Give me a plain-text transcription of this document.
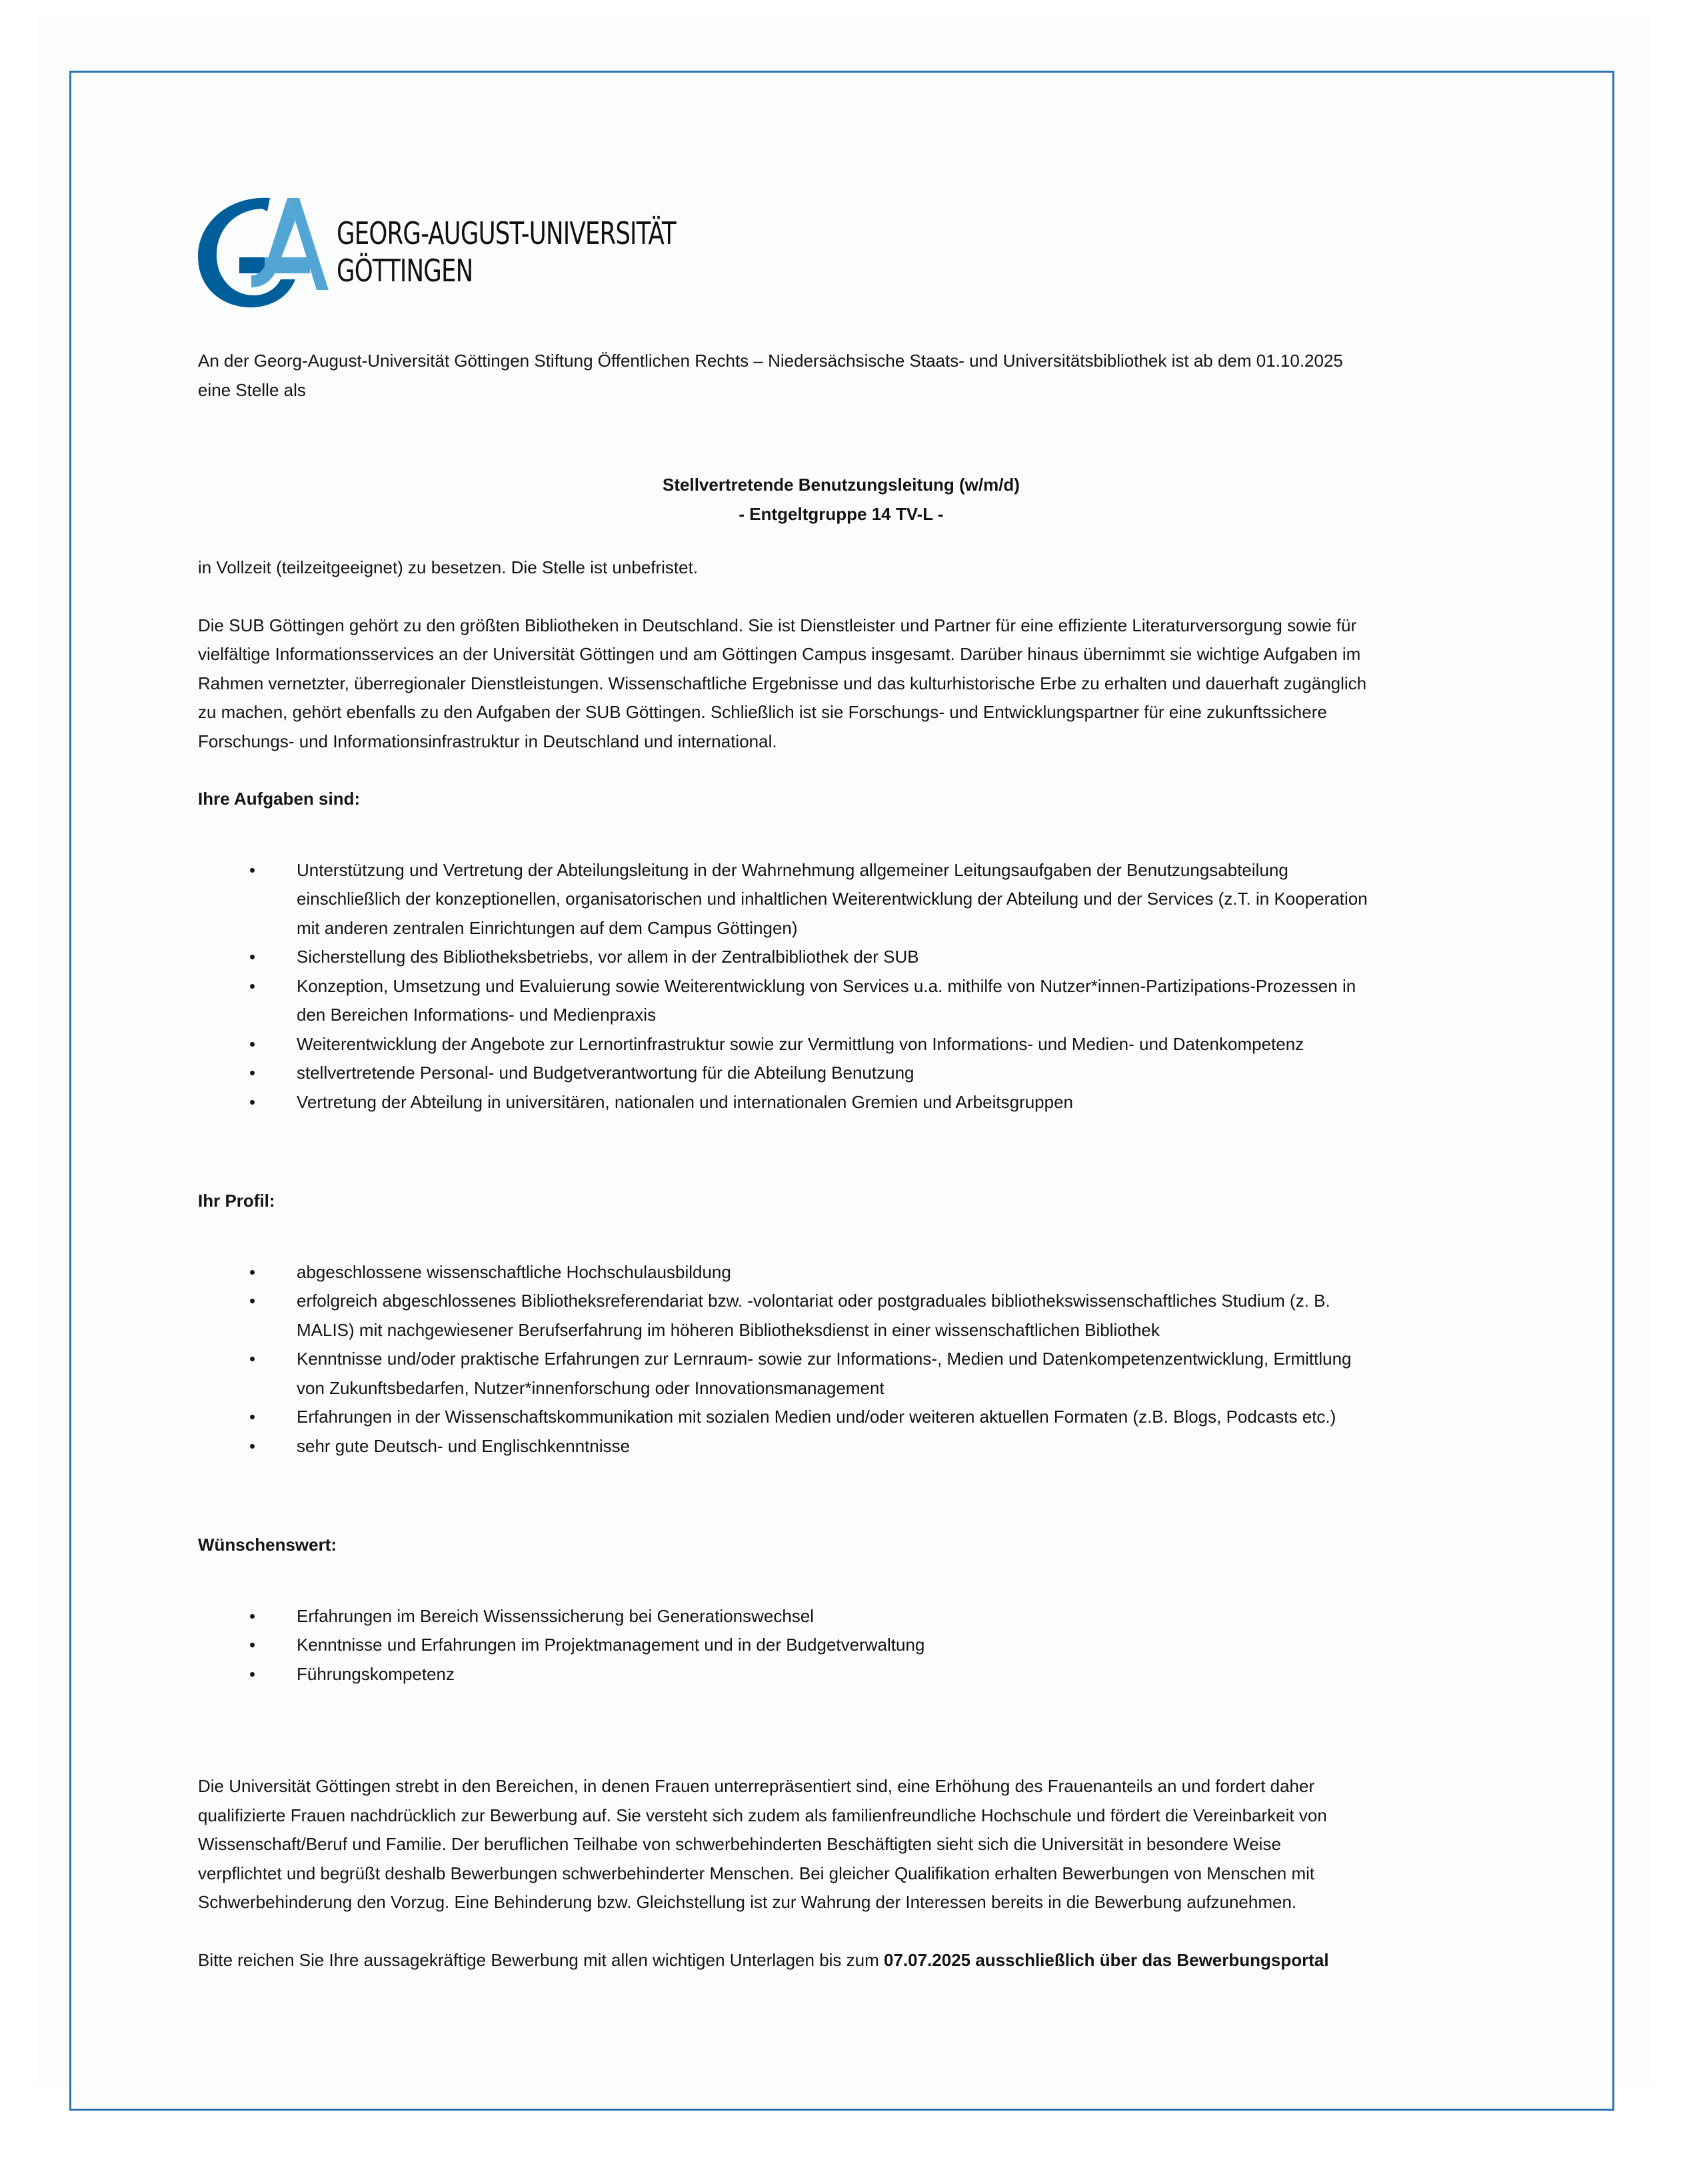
GEORG-AUGUST-UNIVERSITÄT
GÖTTINGEN

An der Georg-August-Universität Göttingen Stiftung Öffentlichen Rechts – Niedersächsische Staats- und Universitätsbibliothek ist ab dem 01.10.2025

eine Stelle als

Stellvertretende Benutzungsleitung (w/m/d)

- Entgeltgruppe 14 TV-L -

in Vollzeit (teilzeitgeeignet) zu besetzen. Die Stelle ist unbefristet.

Die SUB Göttingen gehört zu den größten Bibliotheken in Deutschland. Sie ist Dienstleister und Partner für eine effiziente Literaturversorgung sowie für

vielfältige Informationsservices an der Universität Göttingen und am Göttingen Campus insgesamt. Darüber hinaus übernimmt sie wichtige Aufgaben im

Rahmen vernetzter, überregionaler Dienstleistungen. Wissenschaftliche Ergebnisse und das kulturhistorische Erbe zu erhalten und dauerhaft zugänglich

zu machen, gehört ebenfalls zu den Aufgaben der SUB Göttingen. Schließlich ist sie Forschungs- und Entwicklungspartner für eine zukunftssichere

Forschungs- und Informationsinfrastruktur in Deutschland und international.

Ihre Aufgaben sind:

• Unterstützung und Vertretung der Abteilungsleitung in der Wahrnehmung allgemeiner Leitungsaufgaben der Benutzungsabteilung

einschließlich der konzeptionellen, organisatorischen und inhaltlichen Weiterentwicklung der Abteilung und der Services (z.T. in Kooperation

mit anderen zentralen Einrichtungen auf dem Campus Göttingen)

• Sicherstellung des Bibliotheksbetriebs, vor allem in der Zentralbibliothek der SUB

• Konzeption, Umsetzung und Evaluierung sowie Weiterentwicklung von Services u.a. mithilfe von Nutzer*innen-Partizipations-Prozessen in

den Bereichen Informations- und Medienpraxis

• Weiterentwicklung der Angebote zur Lernortinfrastruktur sowie zur Vermittlung von Informations- und Medien- und Datenkompetenz

• stellvertretende Personal- und Budgetverantwortung für die Abteilung Benutzung

• Vertretung der Abteilung in universitären, nationalen und internationalen Gremien und Arbeitsgruppen

Ihr Profil:

• abgeschlossene wissenschaftliche Hochschulausbildung

• erfolgreich abgeschlossenes Bibliotheksreferendariat bzw. -volontariat oder postgraduales bibliothekswissenschaftliches Studium (z. B.

MALIS) mit nachgewiesener Berufserfahrung im höheren Bibliotheksdienst in einer wissenschaftlichen Bibliothek

• Kenntnisse und/oder praktische Erfahrungen zur Lernraum- sowie zur Informations-, Medien und Datenkompetenzentwicklung, Ermittlung

von Zukunftsbedarfen, Nutzer*innenforschung oder Innovationsmanagement

• Erfahrungen in der Wissenschaftskommunikation mit sozialen Medien und/oder weiteren aktuellen Formaten (z.B. Blogs, Podcasts etc.)

• sehr gute Deutsch- und Englischkenntnisse

Wünschenswert:

• Erfahrungen im Bereich Wissenssicherung bei Generationswechsel

• Kenntnisse und Erfahrungen im Projektmanagement und in der Budgetverwaltung

• Führungskompetenz

Die Universität Göttingen strebt in den Bereichen, in denen Frauen unterrepräsentiert sind, eine Erhöhung des Frauenanteils an und fordert daher

qualifizierte Frauen nachdrücklich zur Bewerbung auf. Sie versteht sich zudem als familienfreundliche Hochschule und fördert die Vereinbarkeit von

Wissenschaft/Beruf und Familie. Der beruflichen Teilhabe von schwerbehinderten Beschäftigten sieht sich die Universität in besondere Weise

verpflichtet und begrüßt deshalb Bewerbungen schwerbehinderter Menschen. Bei gleicher Qualifikation erhalten Bewerbungen von Menschen mit

Schwerbehinderung den Vorzug. Eine Behinderung bzw. Gleichstellung ist zur Wahrung der Interessen bereits in die Bewerbung aufzunehmen.

Bitte reichen Sie Ihre aussagekräftige Bewerbung mit allen wichtigen Unterlagen bis zum 07.07.2025 ausschließlich über das Bewerbungsportal
